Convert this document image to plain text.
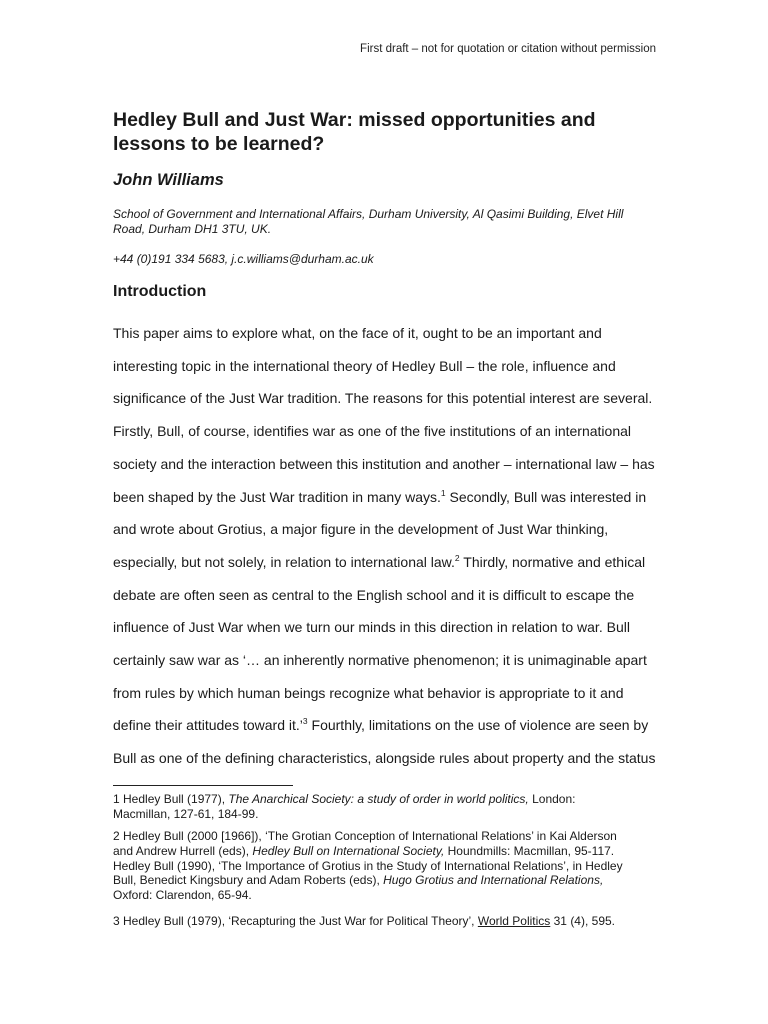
First draft – not for quotation or citation without permission
Hedley Bull and Just War: missed opportunities and lessons to be learned?
John Williams
School of Government and International Affairs, Durham University, Al Qasimi Building, Elvet Hill Road, Durham DH1 3TU, UK.
+44 (0)191 334 5683, j.c.williams@durham.ac.uk
Introduction
This paper aims to explore what, on the face of it, ought to be an important and
interesting topic in the international theory of Hedley Bull – the role, influence and
significance of the Just War tradition. The reasons for this potential interest are several.
Firstly, Bull, of course, identifies war as one of the five institutions of an international
society and the interaction between this institution and another – international law – has
been shaped by the Just War tradition in many ways.$^1$ Secondly, Bull was interested in
and wrote about Grotius, a major figure in the development of Just War thinking,
especially, but not solely, in relation to international law.$^2$ Thirdly, normative and ethical
debate are often seen as central to the English school and it is difficult to escape the
influence of Just War when we turn our minds in this direction in relation to war. Bull
certainly saw war as ‘… an inherently normative phenomenon; it is unimaginable apart
from rules by which human beings recognize what behavior is appropriate to it and
define their attitudes toward it.’$^3$ Fourthly, limitations on the use of violence are seen by
Bull as one of the defining characteristics, alongside rules about property and the status
1 Hedley Bull (1977), The Anarchical Society: a study of order in world politics, London:
Macmillan, 127-61, 184-99.
2 Hedley Bull (2000 [1966]), ‘The Grotian Conception of International Relations’ in Kai Alderson
and Andrew Hurrell (eds), Hedley Bull on International Society, Houndmills: Macmillan, 95-117.
Hedley Bull (1990), ‘The Importance of Grotius in the Study of International Relations’, in Hedley
Bull, Benedict Kingsbury and Adam Roberts (eds), Hugo Grotius and International Relations,
Oxford: Clarendon, 65-94.
3 Hedley Bull (1979), ‘Recapturing the Just War for Political Theory’, World Politics 31 (4), 595.
